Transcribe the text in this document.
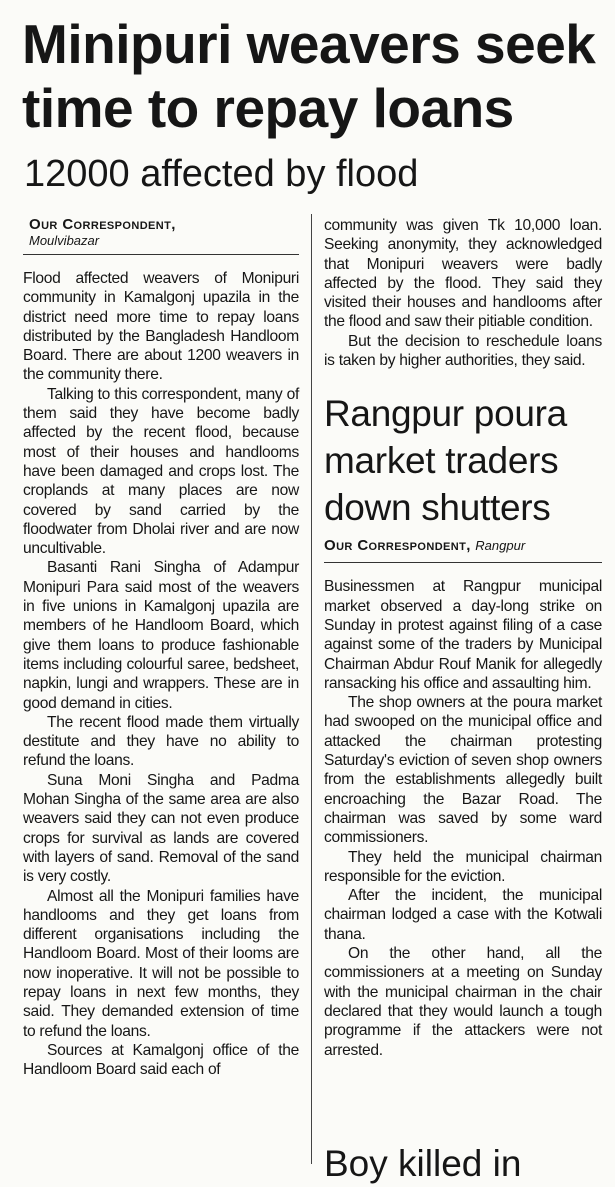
Minipuri weavers seek time to repay loans
12000 affected by flood
Our Correspondent,
Moulvibazar

Flood affected weavers of Monipuri community in Kamalgonj upazila in the district need more time to repay loans distributed by the Bangladesh Handloom Board. There are about 1200 weavers in the community there.

Talking to this correspondent, many of them said they have become badly affected by the recent flood, because most of their houses and handlooms have been damaged and crops lost. The croplands at many places are now covered by sand carried by the floodwater from Dholai river and are now uncultivable.

Basanti Rani Singha of Adampur Monipuri Para said most of the weavers in five unions in Kamalgonj upazila are members of he Handloom Board, which give them loans to produce fashionable items including colourful saree, bedsheet, napkin, lungi and wrappers. These are in good demand in cities.

The recent flood made them virtually destitute and they have no ability to refund the loans.

Suna Moni Singha and Padma Mohan Singha of the same area are also weavers said they can not even produce crops for survival as lands are covered with layers of sand. Removal of the sand is very costly.

Almost all the Monipuri families have handlooms and they get loans from different organisations including the Handloom Board. Most of their looms are now inoperative. It will not be possible to repay loans in next few months, they said. They demanded extension of time to refund the loans.

Sources at Kamalgonj office of the Handloom Board said each of

community was given Tk 10,000 loan. Seeking anonymity, they acknowledged that Monipuri weavers were badly affected by the flood. They said they visited their houses and handlooms after the flood and saw their pitiable condition.

But the decision to reschedule loans is taken by higher authorities, they said.

Rangpur poura market traders down shutters
Our Correspondent, Rangpur

Businessmen at Rangpur municipal market observed a day-long strike on Sunday in protest against filing of a case against some of the traders by Municipal Chairman Abdur Rouf Manik for allegedly ransacking his office and assaulting him.

The shop owners at the poura market had swooped on the municipal office and attacked the chairman protesting Saturday's eviction of seven shop owners from the establishments allegedly built encroaching the Bazar Road. The chairman was saved by some ward commissioners.

They held the municipal chairman responsible for the eviction.

After the incident, the municipal chairman lodged a case with the Kotwali thana.

On the other hand, all the commissioners at a meeting on Sunday with the municipal chairman in the chair declared that they would launch a tough programme if the attackers were not arrested.

Boy killed in
